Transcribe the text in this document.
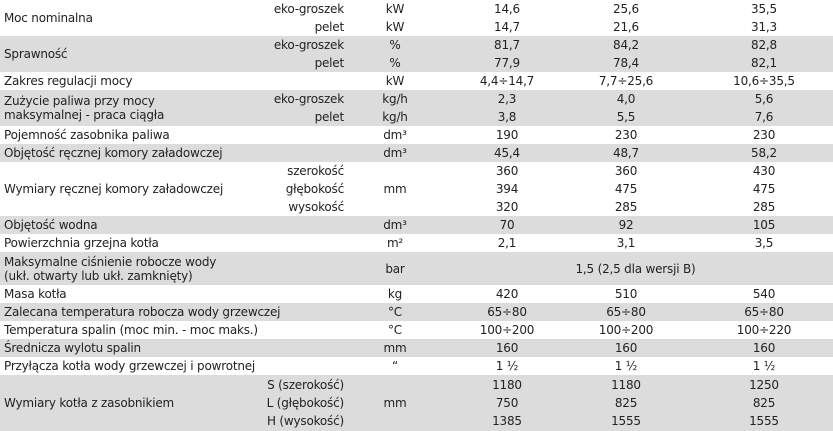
Moc nominalna
eko-groszek	kW	14,6	25,6	35,5
pelet	kW	14,7	21,6	31,3
Sprawność
eko-groszek	%	81,7	84,2	82,8
pelet	%	77,9	78,4	82,1
Zakres regulacji mocy	kW	4,4÷14,7	7,7÷25,6	10,6÷35,5
Zużycie paliwa przy mocy
maksymalnej - praca ciągła
eko-groszek	kg/h	2,3	4,0	5,6
pelet	kg/h	3,8	5,5	7,6
Pojemność zasobnika paliwa	dm³	190	230	230
Objętość ręcznej komory załadowczej	dm³	45,4	48,7	58,2
Wymiary ręcznej komory załadowczej	mm
szerokość	360	360	430
głębokość	394	475	475
wysokość	320	285	285
Objętość wodna	dm³	70	92	105
Powierzchnia grzejna kotła	m²	2,1	3,1	3,5
Maksymalne ciśnienie robocze wody
(ukł. otwarty lub ukł. zamknięty)	bar	1,5 (2,5 dla wersji B)
Masa kotła	kg	420	510	540
Zalecana temperatura robocza wody grzewczej	°C	65÷80	65÷80	65÷80
Temperatura spalin (moc min. - moc maks.)	°C	100÷200	100÷200	100÷220
Średnicza wylotu spalin	mm	160	160	160
Przyłącza kotła wody grzewczej i powrotnej	“	1 ½	1 ½	1 ½
Wymiary kotła z zasobnikiem	mm
S (szerokość)	1180	1180	1250
L (głębokość)	750	825	825
H (wysokość)	1385	1555	1555
